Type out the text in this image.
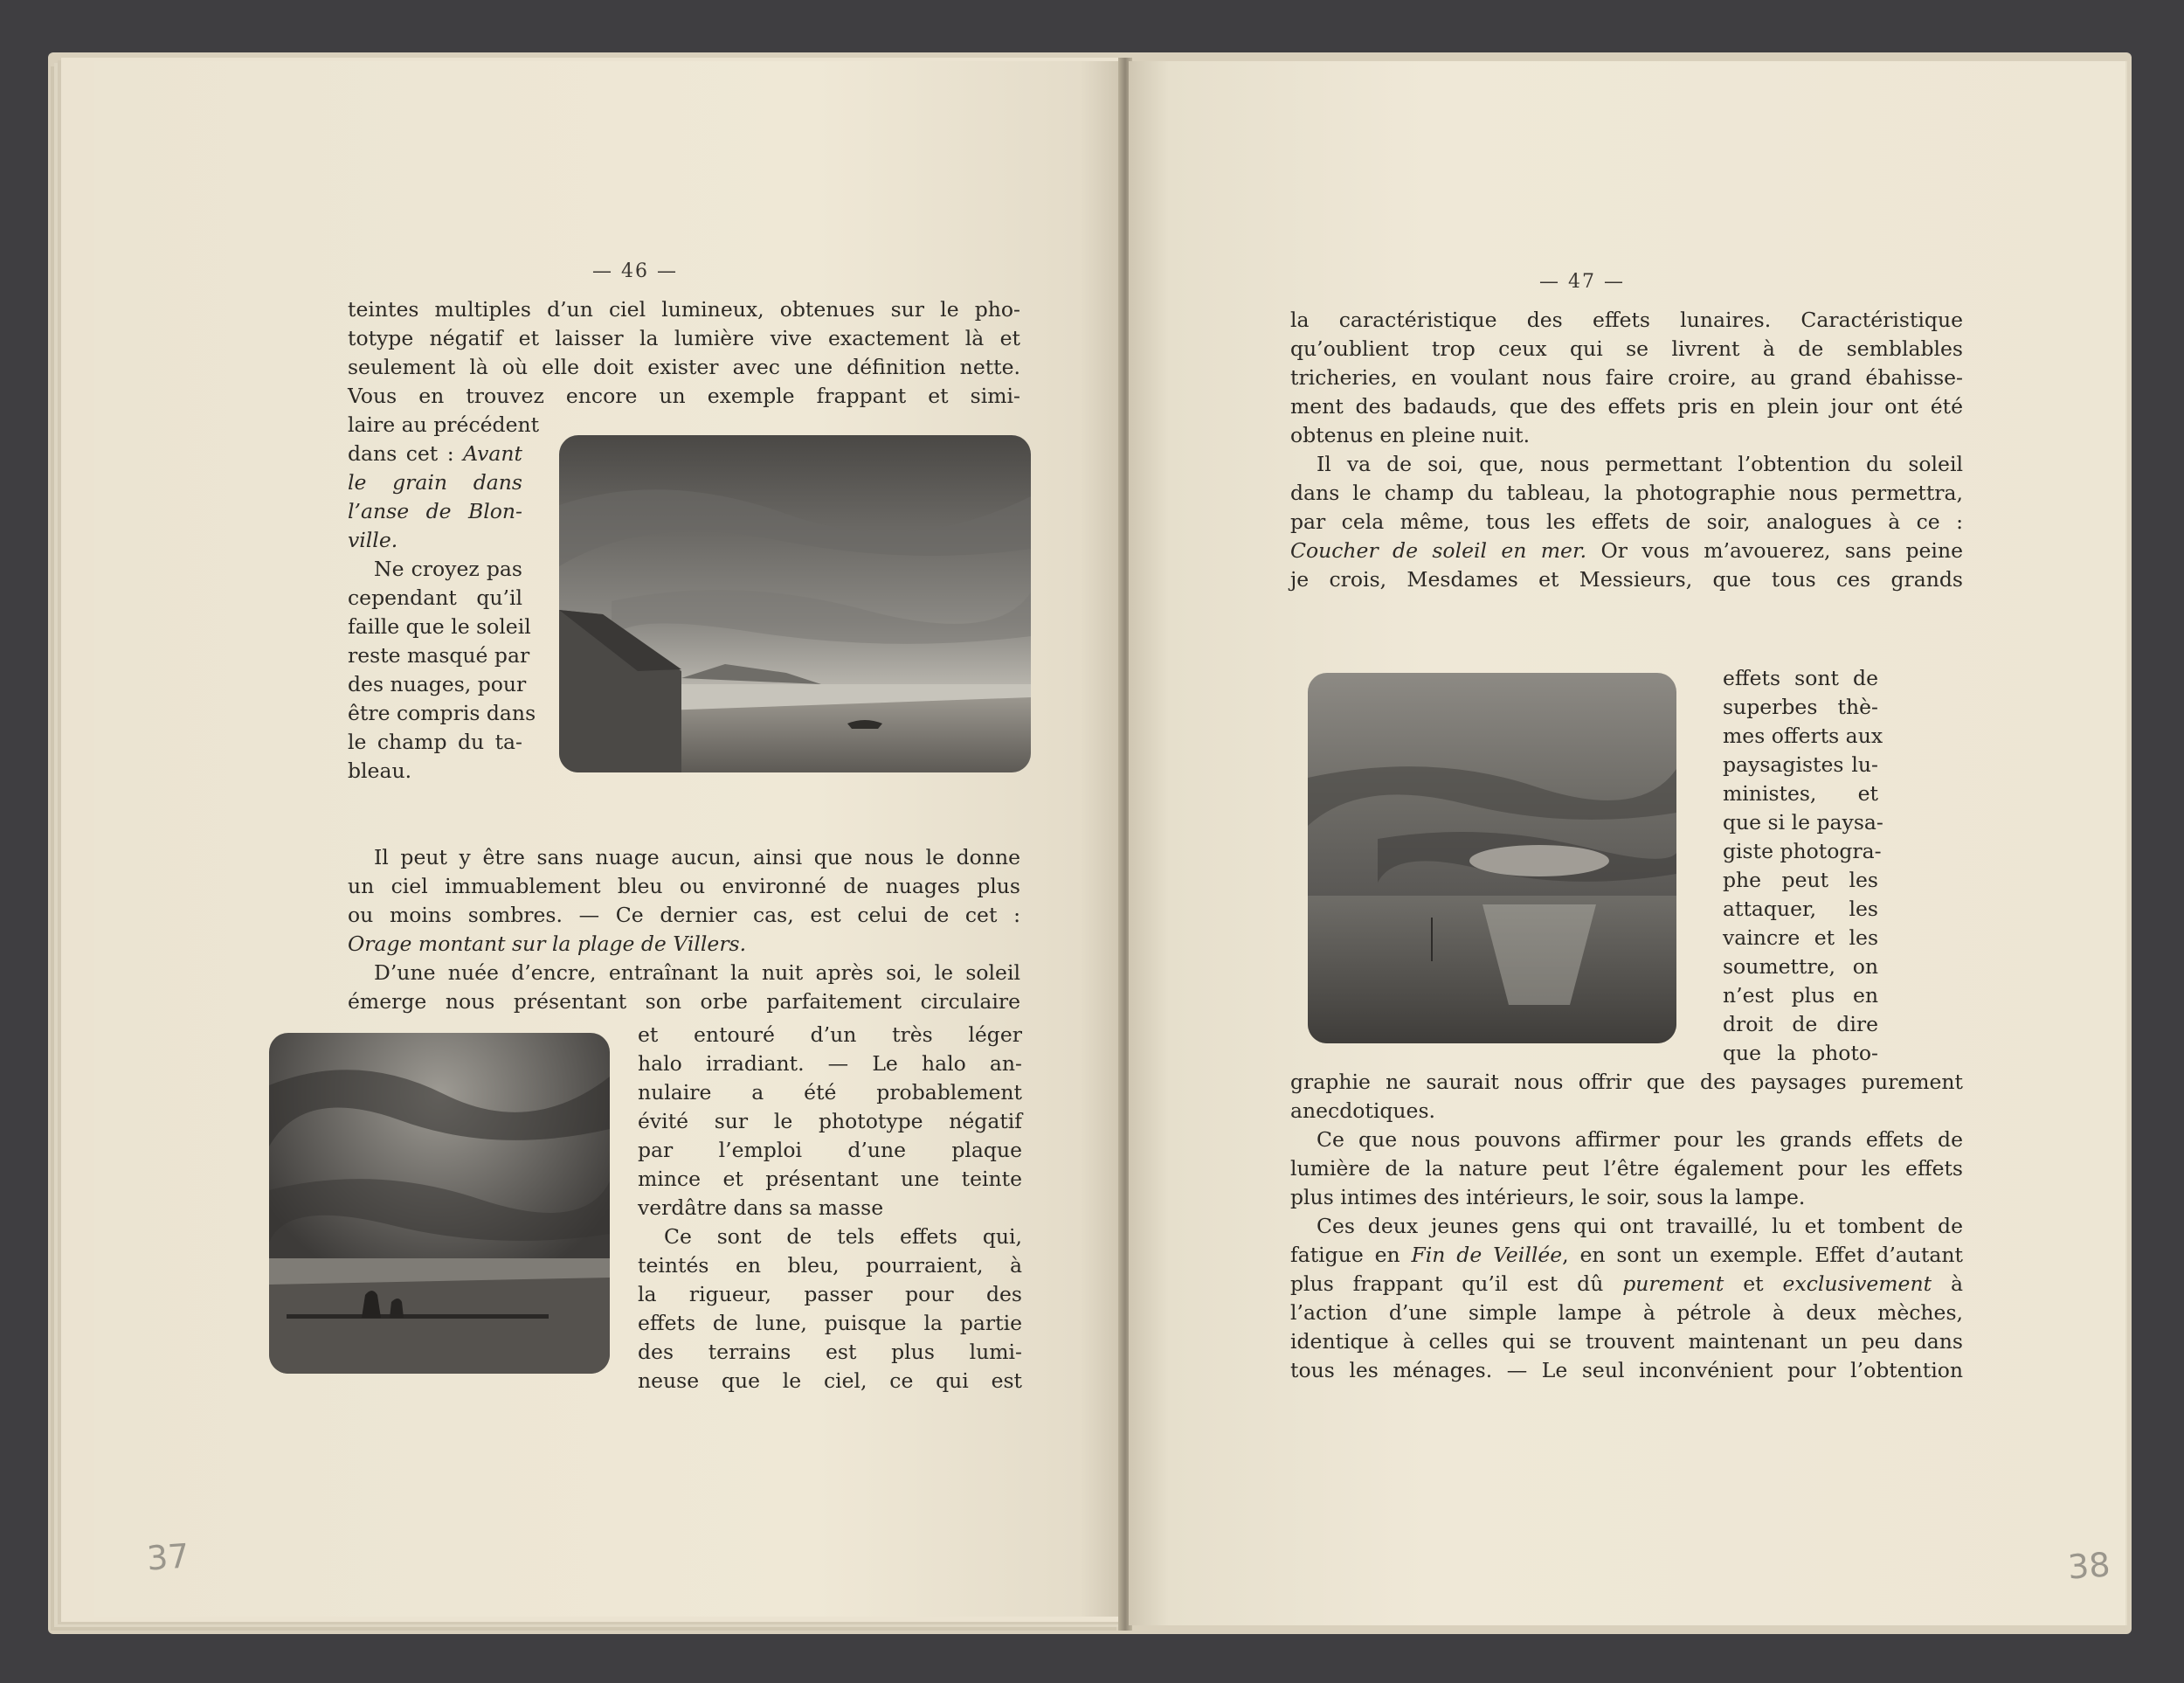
— 46 —
teintes multiples d’un ciel lumineux, obtenues sur le pho-
totype négatif et laisser la lumière vive exactement là et
seulement là où elle doit exister avec une définition nette.
Vous en trouvez encore un exemple frappant et simi-
laire au précédent
dans cet : Avant
le grain dans
l’anse de Blon-
ville.
Ne croyez pas
cependant qu’il
faille que le soleil
reste masqué par
des nuages, pour
être compris dans
le champ du ta-
bleau.
Il peut y être sans nuage aucun, ainsi que nous le donne
un ciel immuablement bleu ou environné de nuages plus
ou moins sombres. — Ce dernier cas, est celui de cet :
Orage montant sur la plage de Villers.
D’une nuée d’encre, entraînant la nuit après soi, le soleil
émerge nous présentant son orbe parfaitement circulaire
et entouré d’un très léger
halo irradiant. — Le halo an-
nulaire a été probablement
évité sur le phototype négatif
par l’emploi d’une plaque
mince et présentant une teinte
verdâtre dans sa masse
Ce sont de tels effets qui,
teintés en bleu, pourraient, à
la rigueur, passer pour des
effets de lune, puisque la partie
des terrains est plus lumi-
neuse que le ciel, ce qui est
37
— 47 —
la caractéristique des effets lunaires. Caractéristique
qu’oublient trop ceux qui se livrent à de semblables
tricheries, en voulant nous faire croire, au grand ébahisse-
ment des badauds, que des effets pris en plein jour ont été
obtenus en pleine nuit.
Il va de soi, que, nous permettant l’obtention du soleil
dans le champ du tableau, la photographie nous permettra,
par cela même, tous les effets de soir, analogues à ce :
Coucher de soleil en mer. Or vous m’avouerez, sans peine
je crois, Mesdames et Messieurs, que tous ces grands
effets sont de
superbes thè-
mes offerts aux
paysagistes lu-
ministes, et
que si le paysa-
giste photogra-
phe peut les
attaquer, les
vaincre et les
soumettre, on
n’est plus en
droit de dire
que la photo-
graphie ne saurait nous offrir que des paysages purement
anecdotiques.
Ce que nous pouvons affirmer pour les grands effets de
lumière de la nature peut l’être également pour les effets
plus intimes des intérieurs, le soir, sous la lampe.
Ces deux jeunes gens qui ont travaillé, lu et tombent de
fatigue en Fin de Veillée, en sont un exemple. Effet d’autant
plus frappant qu’il est dû purement et exclusivement à
l’action d’une simple lampe à pétrole à deux mèches,
identique à celles qui se trouvent maintenant un peu dans
tous les ménages. — Le seul inconvénient pour l’obtention
38
